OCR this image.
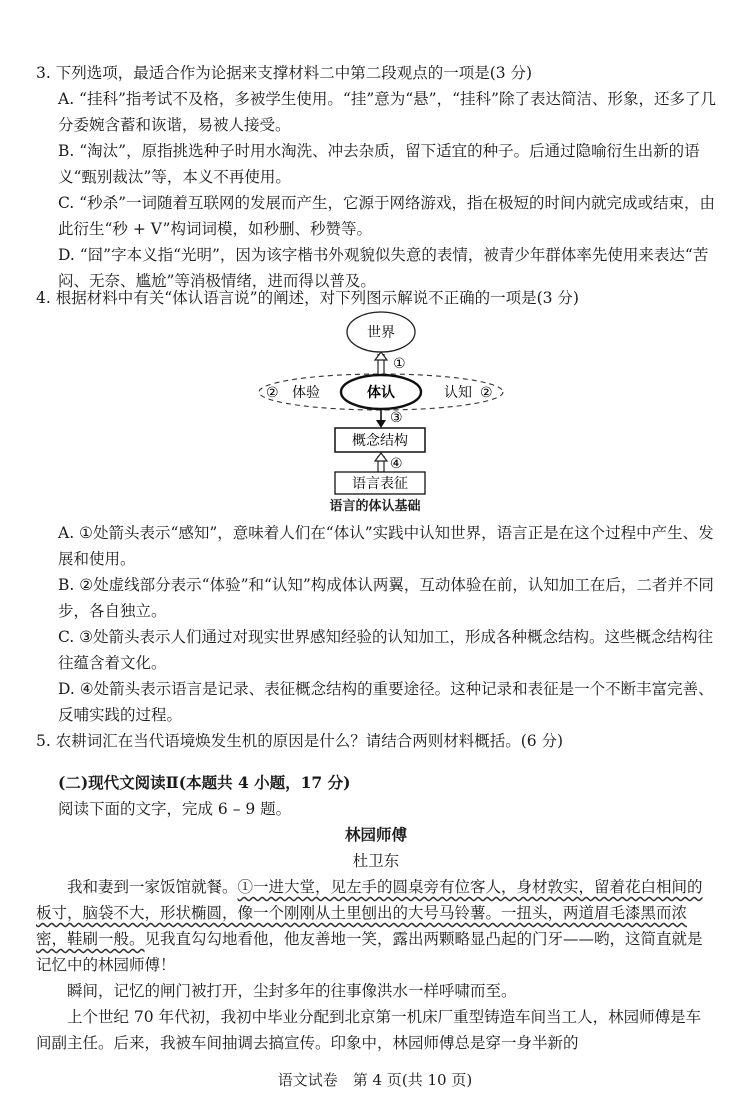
3. 下列选项，最适合作为论据来支撑材料二中第二段观点的一项是(3 分)

A. “挂科”指考试不及格，多被学生使用。“挂”意为“悬”，“挂科”除了表达简洁、形象，还多了几分委婉含蓄和诙谐，易被人接受。

B. “淘汰”，原指挑选种子时用水淘洗、冲去杂质，留下适宜的种子。后通过隐喻衍生出新的语义“甄别裁汰”等，本义不再使用。

C. “秒杀”一词随着互联网的发展而产生，它源于网络游戏，指在极短的时间内就完成或结束，由此衍生“秒 + V”构词词模，如秒删、秒赞等。

D. “囧”字本义指“光明”，因为该字楷书外观貌似失意的表情，被青少年群体率先使用来表达“苦闷、无奈、尴尬”等消极情绪，进而得以普及。

4. 根据材料中有关“体认语言说”的阐述，对下列图示解说不正确的一项是(3 分)

世界
①
体认
② 体验	认知 ②
③
概念结构
④
语言表征
语言的体认基础

A. ①处箭头表示“感知”，意味着人们在“体认”实践中认知世界，语言正是在这个过程中产生、发展和使用。

B. ②处虚线部分表示“体验”和“认知”构成体认两翼，互动体验在前，认知加工在后，二者并不同步，各自独立。

C. ③处箭头表示人们通过对现实世界感知经验的认知加工，形成各种概念结构。这些概念结构往往蕴含着文化。

D. ④处箭头表示语言是记录、表征概念结构的重要途径。这种记录和表征是一个不断丰富完善、反哺实践的过程。

5. 农耕词汇在当代语境焕发生机的原因是什么？请结合两则材料概括。(6 分)

(二)现代文阅读Ⅱ(本题共 4 小题，17 分)

阅读下面的文字，完成 6 – 9 题。

林园师傅

杜卫东

我和妻到一家饭馆就餐。①一进大堂，见左手的圆桌旁有位客人，身材敦实，留着花白相间的板寸，脑袋不大，形状椭圆，像一个刚刚从土里刨出的大号马铃薯。一扭头，两道眉毛漆黑而浓密，鞋刷一般。见我直勾勾地看他，他友善地一笑，露出两颗略显凸起的门牙——哟，这简直就是记忆中的林园师傅！

瞬间，记忆的闸门被打开，尘封多年的往事像洪水一样呼啸而至。

上个世纪 70 年代初，我初中毕业分配到北京第一机床厂重型铸造车间当工人，林园师傅是车间副主任。后来，我被车间抽调去搞宣传。印象中，林园师傅总是穿一身半新的

语文试卷　第 4 页(共 10 页)
